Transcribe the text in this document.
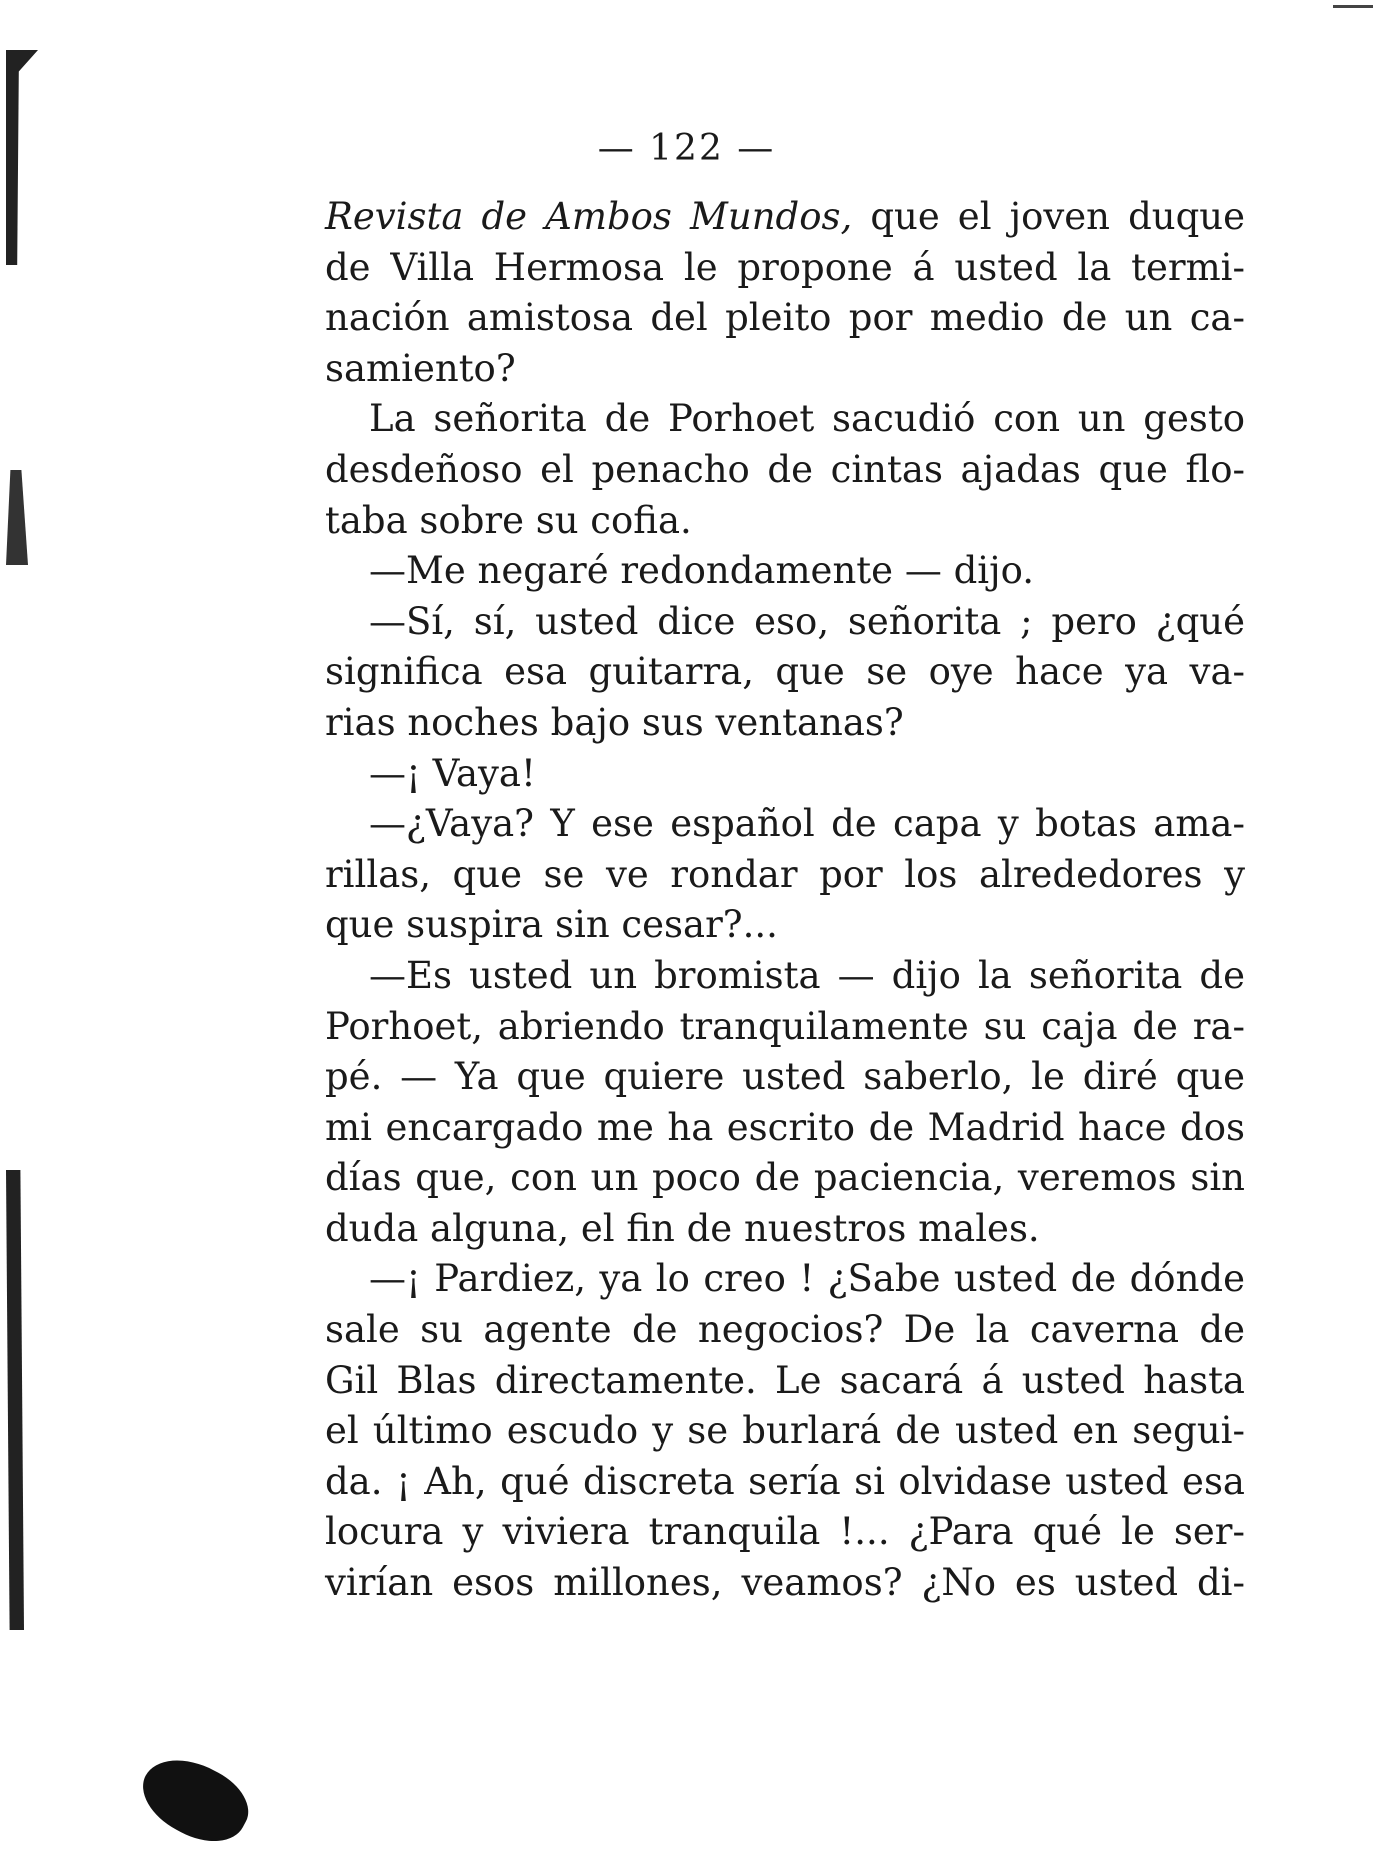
— 122 —

Revista de Ambos Mundos, que el joven duque
de Villa Hermosa le propone á usted la termi-
nación amistosa del pleito por medio de un ca-
samiento?

La señorita de Porhoet sacudió con un gesto
desdeñoso el penacho de cintas ajadas que flo-
taba sobre su cofia.

—Me negaré redondamente — dijo.

—Sí, sí, usted dice eso, señorita ; pero ¿qué
significa esa guitarra, que se oye hace ya va-
rias noches bajo sus ventanas?

—¡ Vaya!

—¿Vaya? Y ese español de capa y botas ama-
rillas, que se ve rondar por los alrededores y
que suspira sin cesar?...

—Es usted un bromista — dijo la señorita de
Porhoet, abriendo tranquilamente su caja de ra-
pé. — Ya que quiere usted saberlo, le diré que
mi encargado me ha escrito de Madrid hace dos
días que, con un poco de paciencia, veremos sin
duda alguna, el fin de nuestros males.

—¡ Pardiez, ya lo creo ! ¿Sabe usted de dónde
sale su agente de negocios? De la caverna de
Gil Blas directamente. Le sacará á usted hasta
el último escudo y se burlará de usted en segui-
da. ¡ Ah, qué discreta sería si olvidase usted esa
locura y viviera tranquila !... ¿Para qué le ser-
virían esos millones, veamos? ¿No es usted di-
